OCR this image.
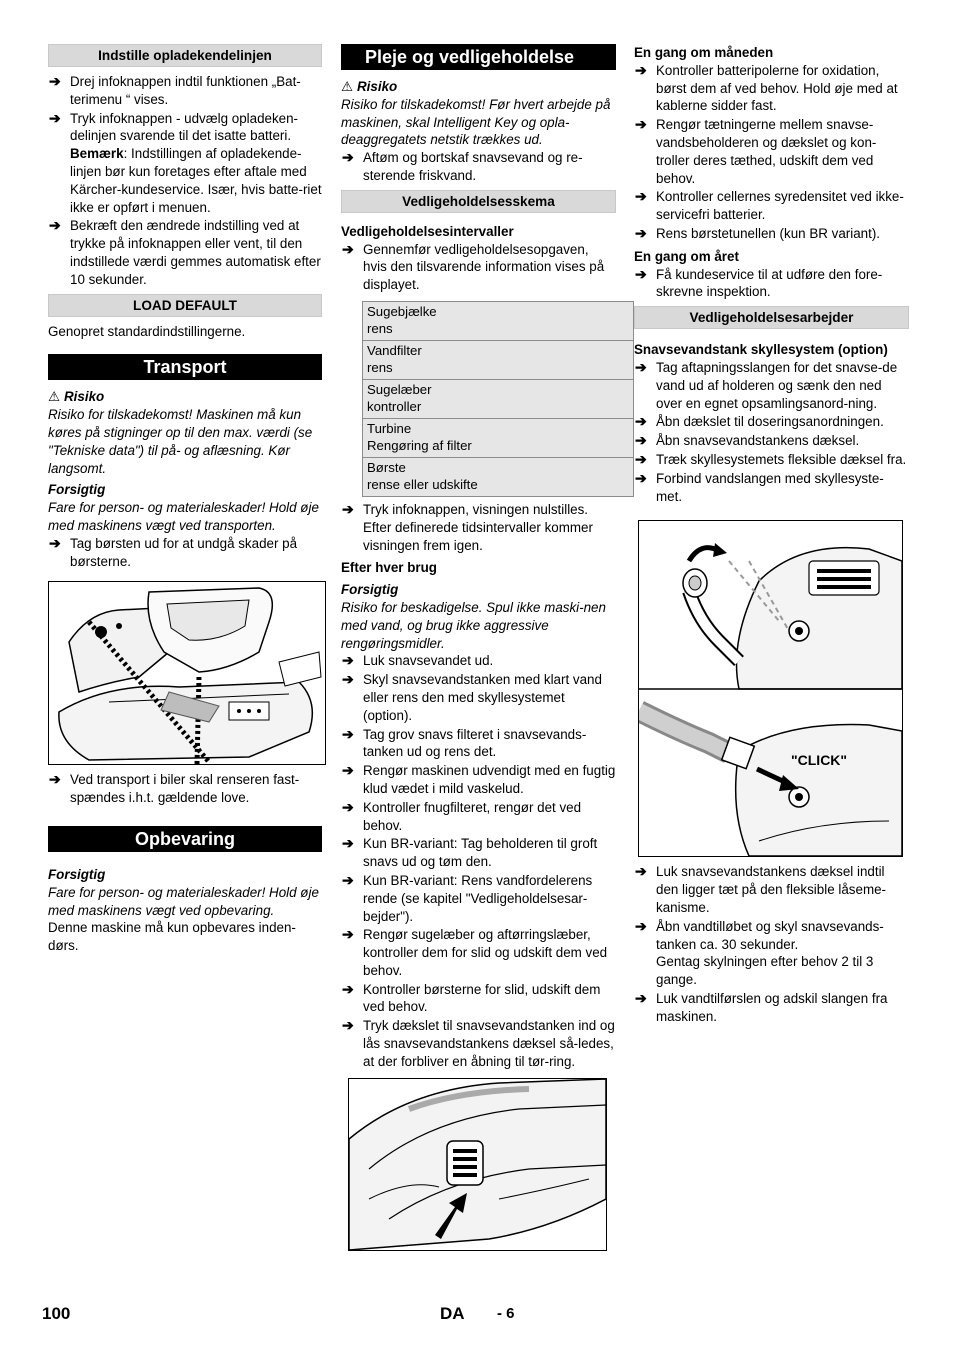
Indstille opladekendelinjen
➔ Drej infoknappen indtil funktionen „Bat-terimenu “ vises.
➔ Tryk infoknappen - udvælg opladeken-delinjen svarende til det isatte batteri.
Bemærk: Indstillingen af opladekende-linjen bør kun foretages efter aftale med Kärcher-kundeservice. Især, hvis batte-riet ikke er opført i menuen.
➔ Bekræft den ændrede indstilling ved at trykke på infoknappen eller vent, til den indstillede værdi gemmes automatisk efter 10 sekunder.
LOAD DEFAULT

Genopret standardindstillingerne.

Transport

⚠ Risiko

Risiko for tilskadekomst! Maskinen må kun køres på stigninger op til den max. værdi (se "Tekniske data") til på- og aflæsning. Kør langsomt.

Forsigtig

Fare for person- og materialeskader! Hold øje med maskinens vægt ved transporten.

➔ Tag børsten ud for at undgå skader på børsterne.
➔ Ved transport i biler skal renseren fast-spændes i.h.t. gældende love.
Opbevaring

Forsigtig

Fare for person- og materialeskader! Hold øje med maskinens vægt ved opbevaring.

Denne maskine må kun opbevares inden-dørs.

Pleje og vedligeholdelse

⚠ Risiko

Risiko for tilskadekomst! Før hvert arbejde på maskinen, skal Intelligent Key og opla-deaggregatets netstik trækkes ud.

➔ Aftøm og bortskaf snavsevand og re-sterende friskvand.
Vedligeholdelsesskema

Vedligeholdelsesintervaller

➔ Gennemfør vedligeholdelsesopgaven, hvis den tilsvarende information vises på displayet.
Sugebjælke
rens
Vandfilter
rens
Sugelæber
kontroller
Turbine
Rengøring af filter
Børste
rense eller udskifte
➔ Tryk infoknappen, visningen nulstilles. Efter definerede tidsintervaller kommer visningen frem igen.

Efter hver brug

Forsigtig

Risiko for beskadigelse. Spul ikke maski-nen med vand, og brug ikke aggressive rengøringsmidler.

➔ Luk snavsevandet ud.
➔ Skyl snavsevandstanken med klart vand eller rens den med skyllesystemet (option).
➔ Tag grov snavs filteret i snavsevands-tanken ud og rens det.
➔ Rengør maskinen udvendigt med en fugtig klud vædet i mild vaskelud.
➔ Kontroller fnugfilteret, rengør det ved behov.
➔ Kun BR-variant: Tag beholderen til groft snavs ud og tøm den.
➔ Kun BR-variant: Rens vandfordelerens rende (se kapitel "Vedligeholdelsesar-bejder").
➔ Rengør sugelæber og aftørringslæber, kontroller dem for slid og udskift dem ved behov.
➔ Kontroller børsterne for slid, udskift dem ved behov.
➔ Tryk dækslet til snavsevandstanken ind og lås snavsevandstankens dæksel så-ledes, at der forbliver en åbning til tør-ring.

En gang om måneden

➔ Kontroller batteripolerne for oxidation, børst dem af ved behov. Hold øje med at kablerne sidder fast.
➔ Rengør tætningerne mellem snavse-vandsbeholderen og dækslet og kon-troller deres tæthed, udskift dem ved behov.
➔ Kontroller cellernes syredensitet ved ikke-servicefri batterier.
➔ Rens børstetunellen (kun BR variant).

En gang om året

➔ Få kundeservice til at udføre den fore-skrevne inspektion.
Vedligeholdelsesarbejder

Snavsevandstank skyllesystem (option)

➔ Tag aftapningsslangen for det snavse-de vand ud af holderen og sænk den ned over en egnet opsamlingsanord-ning.
➔ Åbn dækslet til doseringsanordningen.
➔ Åbn snavsevandstankens dæksel.
➔ Træk skyllesystemets fleksible dæksel fra.
➔ Forbind vandslangen med skyllesyste-met.
"CLICK"
➔ Luk snavsevandstankens dæksel indtil den ligger tæt på den fleksible låseme-kanisme.
➔ Åbn vandtilløbet og skyl snavsevands-tanken ca. 30 sekunder.
Gentag skylningen efter behov 2 til 3 gange.
➔ Luk vandtilførslen og adskil slangen fra maskinen.
100	DA - 6
